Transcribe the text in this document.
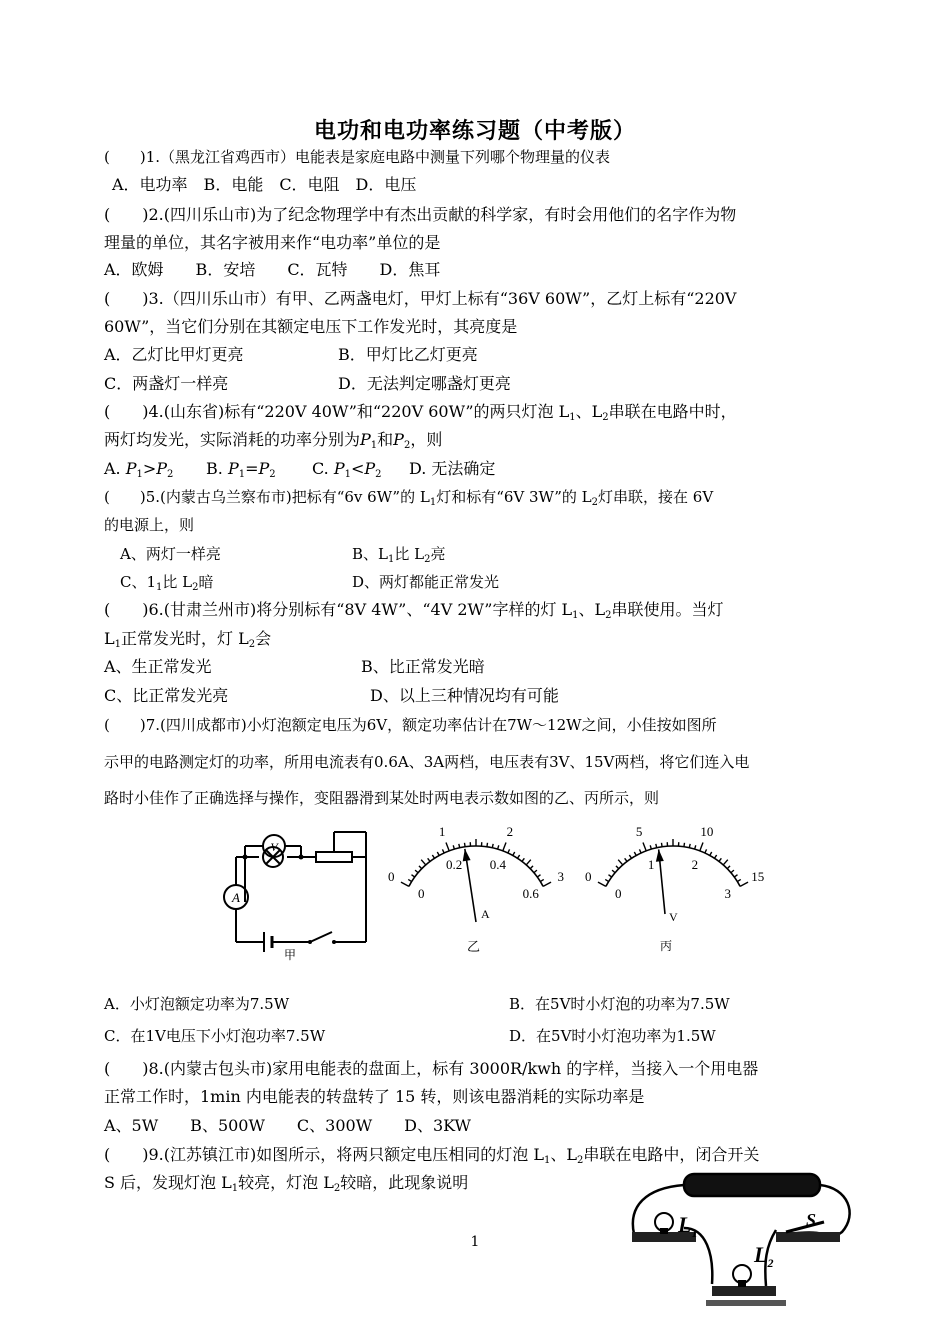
电功和电功率练习题（中考版）
(　　)1.（黑龙江省鸡西市）电能表是家庭电路中测量下列哪个物理量的仪表
A．电功率　B．电能　C．电阻　D．电压
(　　)2.(四川乐山市)为了纪念物理学中有杰出贡献的科学家，有时会用他们的名字作为物
理量的单位，其名字被用来作“电功率”单位的是
A．欧姆　　B．安培　　C．瓦特　　D．焦耳
(　　)3.（四川乐山市）有甲、乙两盏电灯，甲灯上标有“36V 60W”，乙灯上标有“220V
60W”，当它们分别在其额定电压下工作发光时，其亮度是
A．乙灯比甲灯更亮	B．甲灯比乙灯更亮
C．两盏灯一样亮	D．无法判定哪盏灯更亮
(　　)4.(山东省)标有“220V 40W”和“220V 60W”的两只灯泡 $L_1$、$L_2$串联在电路中时，
两灯均发光，实际消耗的功率分别为$P_1$和$P_2$，则
A. $P_1>P_2$ B. $P_1=P_2$ C. $P_1<P_2$ D. 无法确定
(　　)5.(内蒙古乌兰察布市)把标有“6v 6W”的 $L_1$灯和标有“6V 3W”的 $L_2$灯串联，接在 6V
的电源上，则
A、两灯一样亮	B、$L_1$比 $L_2$亮
C、$1_1$比 $L_2$暗	D、两灯都能正常发光
(　　)6.(甘肃兰州市)将分别标有“8V 4W”、“4V 2W”字样的灯 $L_1$、$L_2$串联使用。当灯
$L_1$正常发光时，灯 $L_2$会
A、生正常发光	B、比正常发光暗
C、比正常发光亮	D、以上三种情况均有可能
(　　)7.(四川成都市)小灯泡额定电压为6V，额定功率估计在7W～12W之间，小佳按如图所
示甲的电路测定灯的功率，所用电流表有0.6A、3A两档，电压表有3V、15V两档，将它们连入电
路时小佳作了正确选择与操作，变阻器滑到某处时两电表示数如图的乙、丙所示，则
V
A
甲
0
1	2
3
0
0.2 0.4
0.6
A
乙
0
5	10
15
0
1	2
3
V
丙
A．小灯泡额定功率为7.5W	B．在5V时小灯泡的功率为7.5W
C．在1V电压下小灯泡功率7.5W	D．在5V时小灯泡功率为1.5W
(　　)8.(内蒙古包头市)家用电能表的盘面上，标有 3000R/kwh 的字样，当接入一个用电器
正常工作时，1min 内电能表的转盘转了 15 转，则该电器消耗的实际功率是
A、5W　　B、500W　　C、300W　　D、3KW
(　　)9.(江苏镇江市)如图所示，将两只额定电压相同的灯泡 $L_1$、$L_2$串联在电路中，闭合开关
S 后，发现灯泡 $L_1$较亮，灯泡 $L_2$较暗，此现象说明
$L_1$
$L_2$
S
1
